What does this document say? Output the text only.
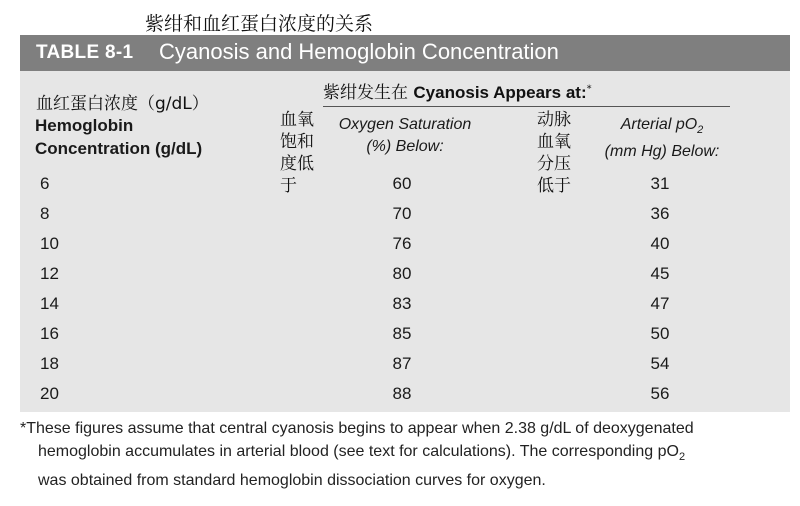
紫绀和血红蛋白浓度的关系
TABLE 8-1 Cyanosis and Hemoglobin Concentration
血红蛋白浓度（g/dL）
紫绀发生在 Cyanosis Appears at:*
Hemoglobin
Concentration (g/dL)
血氧饱和度低于
Oxygen Saturation
(%) Below:
动脉血氧分压低于
Arterial $pO_2$
(mm Hg) Below:
6	60	31
8	70	36
10	76	40
12	80	45
14	83	47
16	85	50
18	87	54
20	88	56
*These figures assume that central cyanosis begins to appear when 2.38 g/dL of deoxygenated
hemoglobin accumulates in arterial blood (see text for calculations). The corresponding $pO_2$
was obtained from standard hemoglobin dissociation curves for oxygen.
